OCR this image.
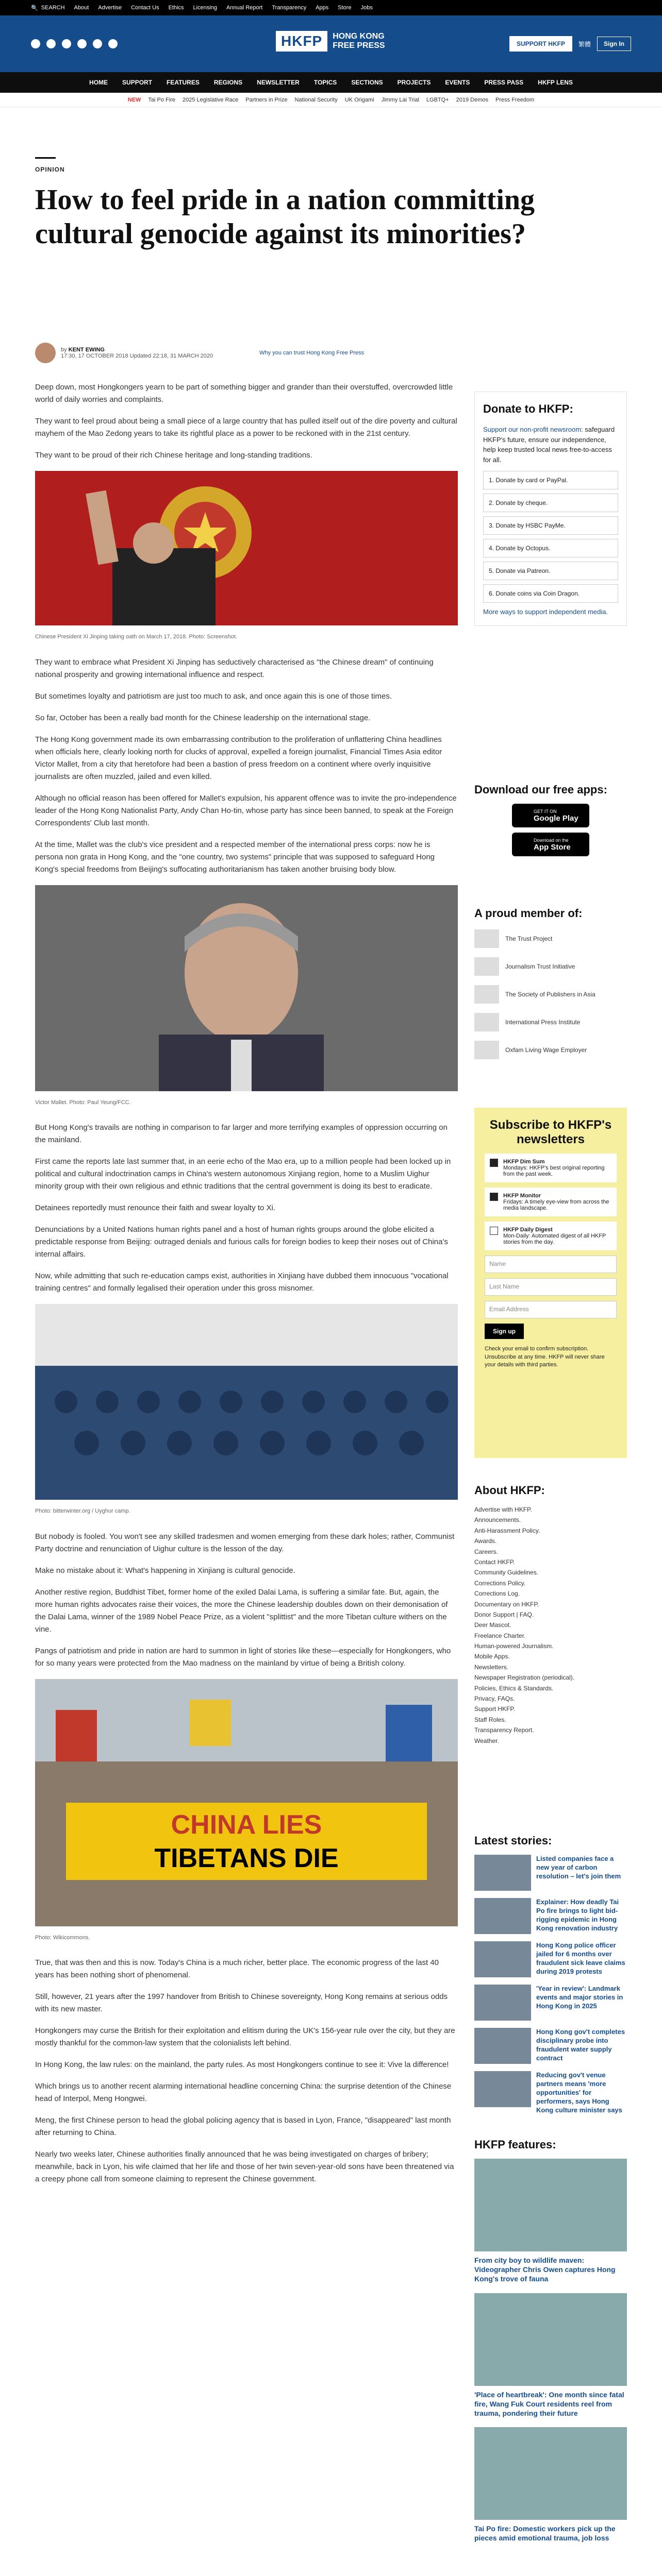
🔍 SEARCH About Advertise Contact Us Ethics Licensing Annual Report Transparency Apps Store Jobs
HKFP	HONG KONG
FREE PRESS	SUPPORT HKFP	繁體	Sign In
HOME SUPPORT FEATURES REGIONS NEWSLETTER TOPICS SECTIONS PROJECTS EVENTS PRESS PASS HKFP LENS
NEW Tai Po Fire 2025 Legislative Race Partners in Prize National Security UK Origami Jimmy Lai Trial LGBTQ+ 2019 Demos Press Freedom
OPINION
How to feel pride in a nation committing cultural genocide against its minorities?
by KENT EWING
17:30, 17 OCTOBER 2018 Updated 22:18, 31 MARCH 2020	Why you can trust Hong Kong Free Press

Deep down, most Hongkongers yearn to be part of something bigger and grander than their overstuffed, overcrowded little world of daily worries and complaints.

They want to feel proud about being a small piece of a large country that has pulled itself out of the dire poverty and cultural mayhem of the Mao Zedong years to take its rightful place as a power to be reckoned with in the 21st century.

They want to be proud of their rich Chinese heritage and long-standing traditions.

Chinese President Xi Jinping taking oath on March 17, 2018. Photo: Screenshot.

They want to embrace what President Xi Jinping has seductively characterised as "the Chinese dream" of continuing national prosperity and growing international influence and respect.

But sometimes loyalty and patriotism are just too much to ask, and once again this is one of those times.

So far, October has been a really bad month for the Chinese leadership on the international stage.

The Hong Kong government made its own embarrassing contribution to the proliferation of unflattering China headlines when officials here, clearly looking north for clucks of approval, expelled a foreign journalist, Financial Times Asia editor Victor Mallet, from a city that heretofore had been a bastion of press freedom on a continent where overly inquisitive journalists are often muzzled, jailed and even killed.

Although no official reason has been offered for Mallet's expulsion, his apparent offence was to invite the pro-independence leader of the Hong Kong Nationalist Party, Andy Chan Ho-tin, whose party has since been banned, to speak at the Foreign Correspondents' Club last month.

At the time, Mallet was the club's vice president and a respected member of the international press corps: now he is persona non grata in Hong Kong, and the "one country, two systems" principle that was supposed to safeguard Hong Kong's special freedoms from Beijing's suffocating authoritarianism has taken another bruising body blow.

Victor Mallet. Photo: Paul Yeung/FCC.

But Hong Kong's travails are nothing in comparison to far larger and more terrifying examples of oppression occurring on the mainland.

First came the reports late last summer that, in an eerie echo of the Mao era, up to a million people had been locked up in political and cultural indoctrination camps in China's western autonomous Xinjiang region, home to a Muslim Uighur minority group with their own religious and ethnic traditions that the central government is doing its best to eradicate.

Detainees reportedly must renounce their faith and swear loyalty to Xi.

Denunciations by a United Nations human rights panel and a host of human rights groups around the globe elicited a predictable response from Beijing: outraged denials and furious calls for foreign bodies to keep their noses out of China's internal affairs.

Now, while admitting that such re-education camps exist, authorities in Xinjiang have dubbed them innocuous "vocational training centres" and formally legalised their operation under this gross misnomer.

Photo: bitterwinter.org / Uyghur camp.

But nobody is fooled. You won't see any skilled tradesmen and women emerging from these dark holes; rather, Communist Party doctrine and renunciation of Uighur culture is the lesson of the day.

Make no mistake about it: What's happening in Xinjiang is cultural genocide.

Another restive region, Buddhist Tibet, former home of the exiled Dalai Lama, is suffering a similar fate. But, again, the more human rights advocates raise their voices, the more the Chinese leadership doubles down on their demonisation of the Dalai Lama, winner of the 1989 Nobel Peace Prize, as a violent "splittist" and the more Tibetan culture withers on the vine.

Pangs of patriotism and pride in nation are hard to summon in light of stories like these—especially for Hongkongers, who for so many years were protected from the Mao madness on the mainland by virtue of being a British colony.

CHINA LIES
TIBETANS DIE
Photo: Wikicommons.

True, that was then and this is now. Today's China is a much richer, better place. The economic progress of the last 40 years has been nothing short of phenomenal.

Still, however, 21 years after the 1997 handover from British to Chinese sovereignty, Hong Kong remains at serious odds with its new master.

Hongkongers may curse the British for their exploitation and elitism during the UK's 156-year rule over the city, but they are mostly thankful for the common-law system that the colonialists left behind.

In Hong Kong, the law rules: on the mainland, the party rules. As most Hongkongers continue to see it: Vive la difference!

Which brings us to another recent alarming international headline concerning China: the surprise detention of the Chinese head of Interpol, Meng Hongwei.

Meng, the first Chinese person to head the global policing agency that is based in Lyon, France, "disappeared" last month after returning to China.

Nearly two weeks later, Chinese authorities finally announced that he was being investigated on charges of bribery; meanwhile, back in Lyon, his wife claimed that her life and those of her twin seven-year-old sons have been threatened via a creepy phone call from someone claiming to represent the Chinese government.

Donate to HKFP:
Support our non-profit newsroom: safeguard HKFP's future, ensure our independence, help keep trusted local news free-to-access for all.
1. Donate by card or PayPal.
2. Donate by cheque.
3. Donate by HSBC PayMe.
4. Donate by Octopus.
5. Donate via Patreon.
6. Donate coins via Coin Dragon.
More ways to support independent media.
Download our free apps:
GET IT ON
Google Play
Download on the
App Store
A proud member of:
The Trust Project
Journalism Trust Initiative
The Society of Publishers in Asia
International Press Institute
Oxfam Living Wage Employer
Subscribe to HKFP's newsletters
HKFP Dim Sum
Mondays: HKFP's best original reporting from the past week.
HKFP Monitor
Fridays: A timely eye-view from across the media landscape.
HKFP Daily Digest
Mon-Daily: Automated digest of all HKFP stories from the day.
Name
Last Name
Email Address
Sign up
Check your email to confirm subscription. Unsubscribe at any time. HKFP will never share your details with third parties.
About HKFP:
Advertise with HKFP.
Announcements.
Anti-Harassment Policy.
Awards.
Careers.
Contact HKFP.
Community Guidelines.
Corrections Policy.
Corrections Log.
Documentary on HKFP.
Donor Support | FAQ.
Deer Mascot.
Freelance Charter.
Human-powered Journalism.
Mobile Apps.
Newsletters.
Newspaper Registration (periodical).
Policies, Ethics & Standards.
Privacy, FAQs.
Support HKFP.
Staff Roles.
Transparency Report.
Weather.
Latest stories:
Listed companies face a new year of carbon resolution – let's join them
Explainer: How deadly Tai Po fire brings to light bid-rigging epidemic in Hong Kong renovation industry
Hong Kong police officer jailed for 6 months over fraudulent sick leave claims during 2019 protests
'Year in review': Landmark events and major stories in Hong Kong in 2025
Hong Kong gov't completes disciplinary probe into fraudulent water supply contract
Reducing gov't venue partners means 'more opportunities' for performers, says Hong Kong culture minister says
HKFP features:
From city boy to wildlife maven: Videographer Chris Owen captures Hong Kong's trove of fauna
'Place of heartbreak': One month since fatal fire, Wang Fuk Court residents reel from trauma, pondering their future
Tai Po fire: Domestic workers pick up the pieces amid emotional trauma, job loss
